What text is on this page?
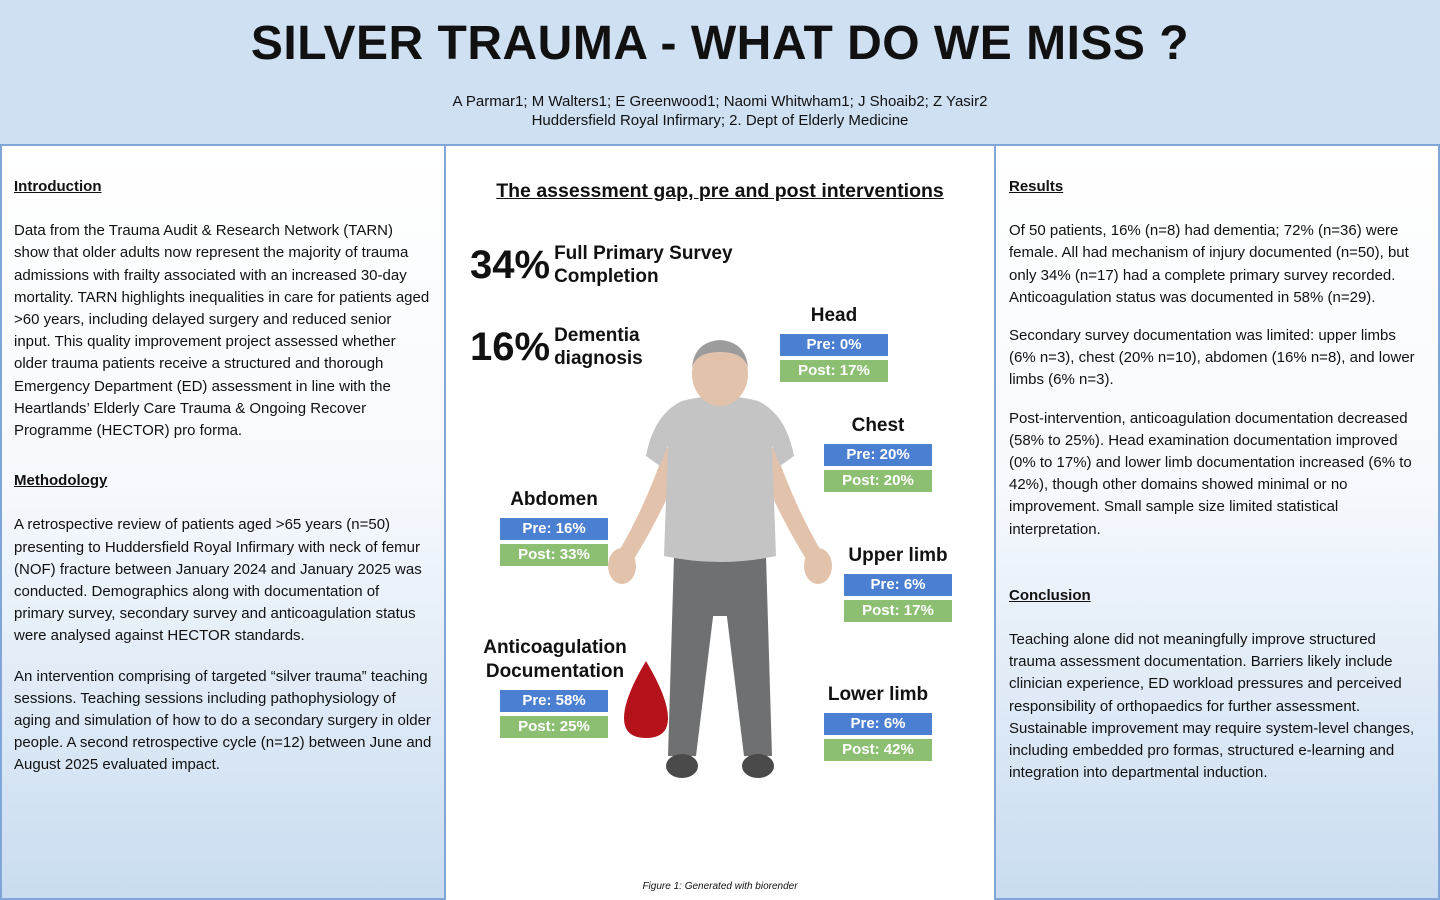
SILVER TRAUMA - WHAT DO WE MISS ?
A Parmar1; M Walters1; E Greenwood1; Naomi Whitwham1; J Shoaib2; Z Yasir2
Huddersfield Royal Infirmary; 2. Dept of Elderly Medicine

Introduction

Data from the Trauma Audit & Research Network (TARN) show that older adults now represent the majority of trauma admissions with frailty associated with an increased 30-day mortality. TARN highlights inequalities in care for patients aged >60 years, including delayed surgery and reduced senior input. This quality improvement project assessed whether older trauma patients receive a structured and thorough Emergency Department (ED) assessment in line with the Heartlands’ Elderly Care Trauma & Ongoing Recover Programme (HECTOR) pro forma.

Methodology

A retrospective review of patients aged >65 years (n=50) presenting to Huddersfield Royal Infirmary with neck of femur (NOF) fracture between January 2024 and January 2025 was conducted. Demographics along with documentation of primary survey, secondary survey and anticoagulation status were analysed against HECTOR standards.

An intervention comprising of targeted “silver trauma” teaching sessions. Teaching sessions including pathophysiology of aging and simulation of how to do a secondary surgery in older people. A second retrospective cycle (n=12) between June and August 2025 evaluated impact.

The assessment gap, pre and post interventions
34% Full Primary Survey
Completion
16% Dementia
diagnosis
Head
Pre: 0%
Post: 17%
Chest
Pre: 20%
Post: 20%
Abdomen
Pre: 16%
Post: 33%	Upper limb
Pre: 6%
Post: 17%
Anticoagulation
Documentation
Pre: 58%
Post: 25%
Lower limb
Pre: 6%
Post: 42%
Figure 1: Generated with biorender

Results

Of 50 patients, 16% (n=8) had dementia; 72% (n=36) were female. All had mechanism of injury documented (n=50), but only 34% (n=17) had a complete primary survey recorded. Anticoagulation status was documented in 58% (n=29).

Secondary survey documentation was limited: upper limbs (6% n=3), chest (20% n=10), abdomen (16% n=8), and lower limbs (6% n=3).

Post-intervention, anticoagulation documentation decreased (58% to 25%). Head examination documentation improved (0% to 17%) and lower limb documentation increased (6% to 42%), though other domains showed minimal or no improvement. Small sample size limited statistical interpretation.

Conclusion

Teaching alone did not meaningfully improve structured trauma assessment documentation. Barriers likely include clinician experience, ED workload pressures and perceived responsibility of orthopaedics for further assessment. Sustainable improvement may require system-level changes, including embedded pro formas, structured e-learning and integration into departmental induction.
